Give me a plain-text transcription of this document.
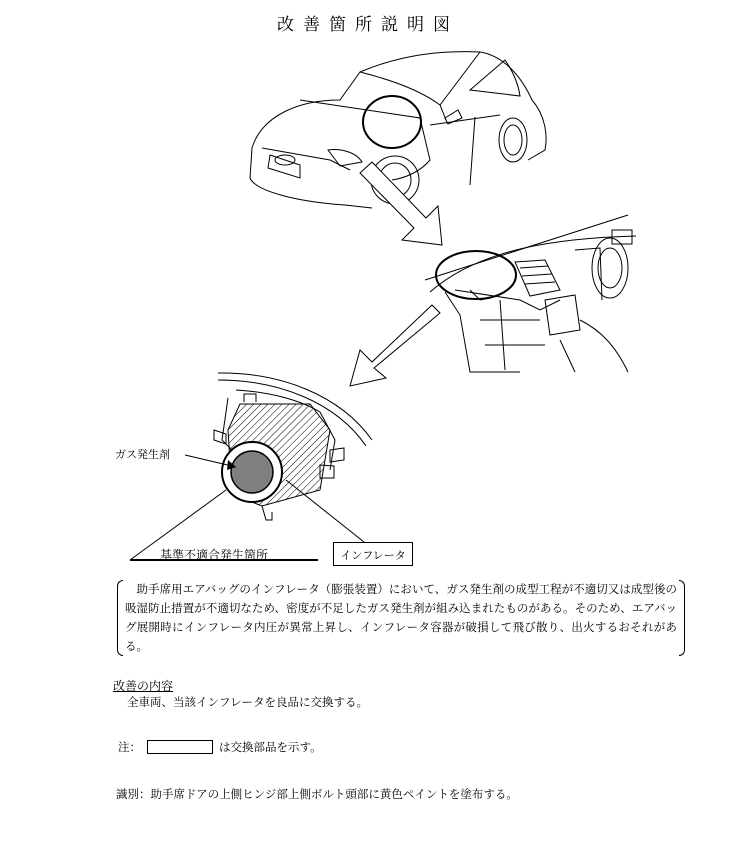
改善箇所説明図
ガス発生剤
基準不適合発生箇所	インフレータ
助手席用エアバッグのインフレータ（膨張装置）において、ガス発生剤の成型工程が不適切又は成型後の吸湿防止措置が不適切なため、密度が不足したガス発生剤が組み込まれたものがある。そのため、エアバッグ展開時にインフレータ内圧が異常上昇し、インフレータ容器が破損して飛び散り、出火するおそれがある。
改善の内容
全車両、当該インフレータを良品に交換する。
注：	は交換部品を示す。
識別：助手席ドアの上側ヒンジ部上側ボルト頭部に黄色ペイントを塗布する。
